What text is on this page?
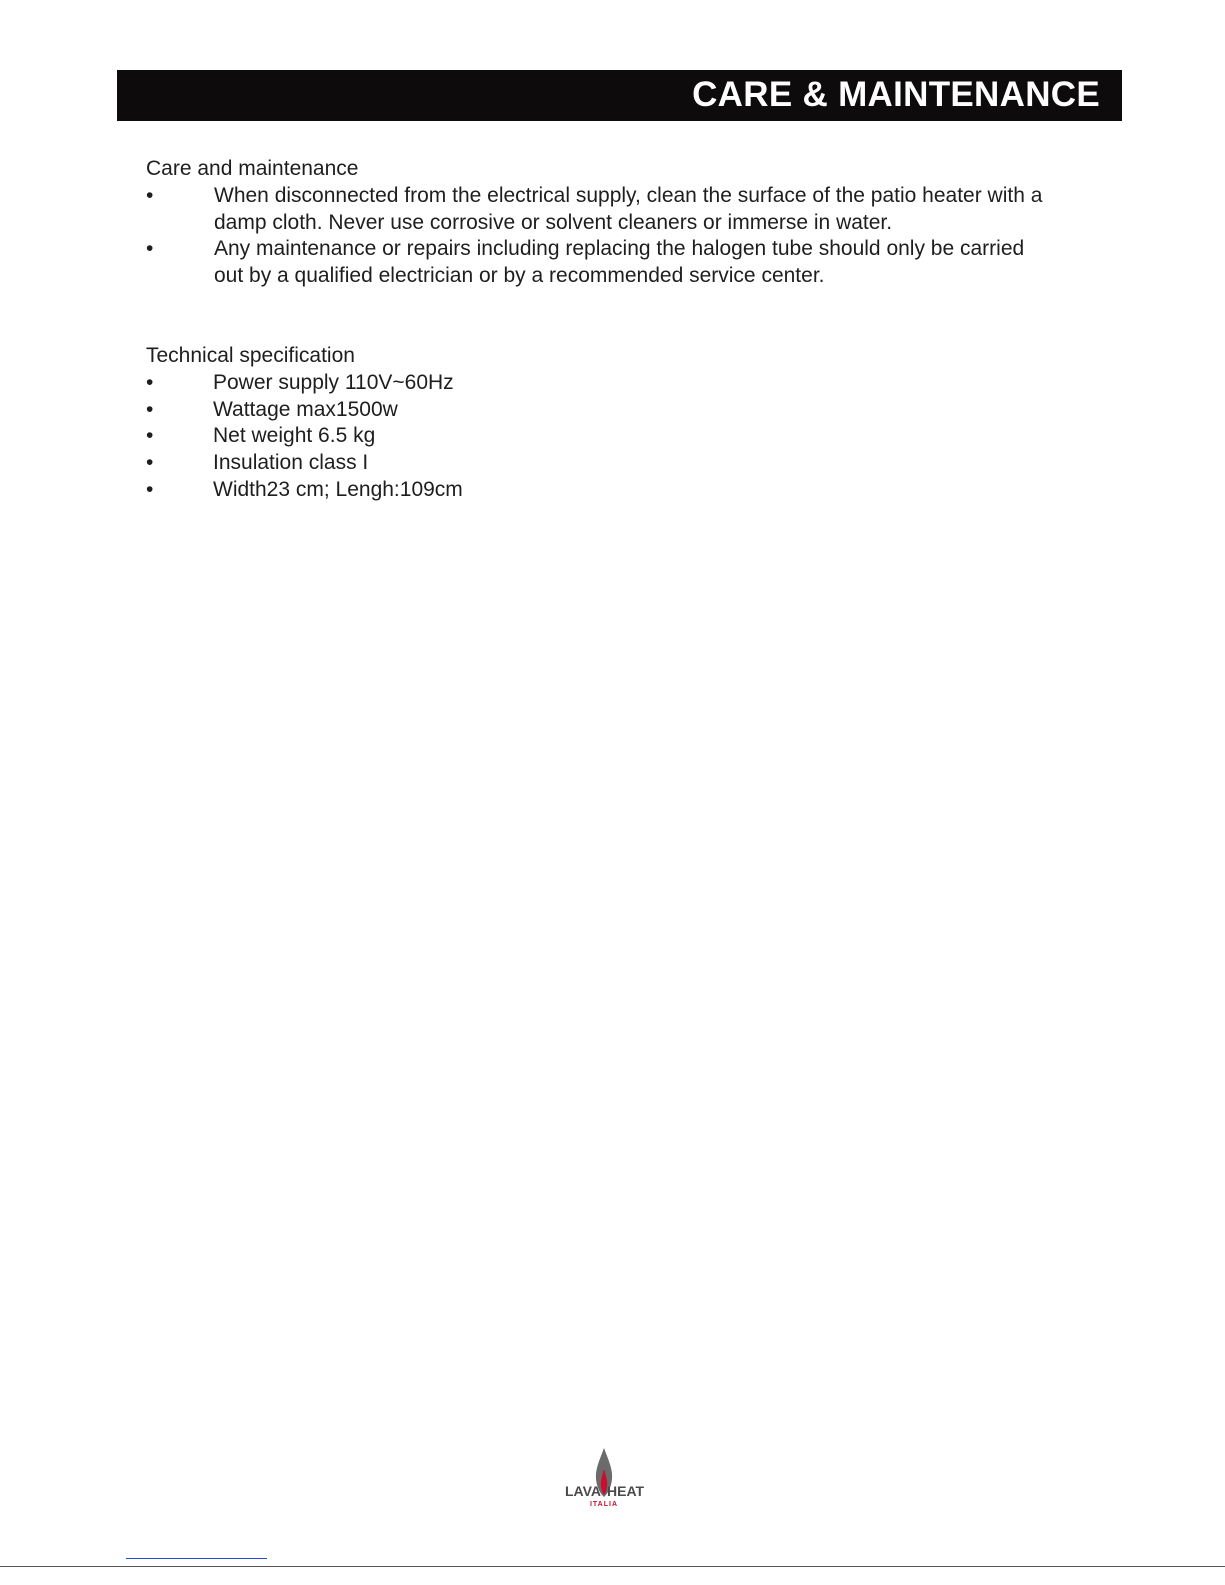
CARE & MAINTENANCE
Care and maintenance
•	When disconnected from the electrical supply, clean the surface of the patio heater with a damp cloth. Never use corrosive or solvent cleaners or immerse in water.
•	Any maintenance or repairs including replacing the halogen tube should only be carried out by a qualified electrician or by a recommended service center.
Technical specification
•	Power supply 110V~60Hz
•	Wattage max1500w
•	Net weight 6.5 kg
•	Insulation class I
•	Width23 cm; Lengh:109cm
LAVA HEAT
ITALIA
